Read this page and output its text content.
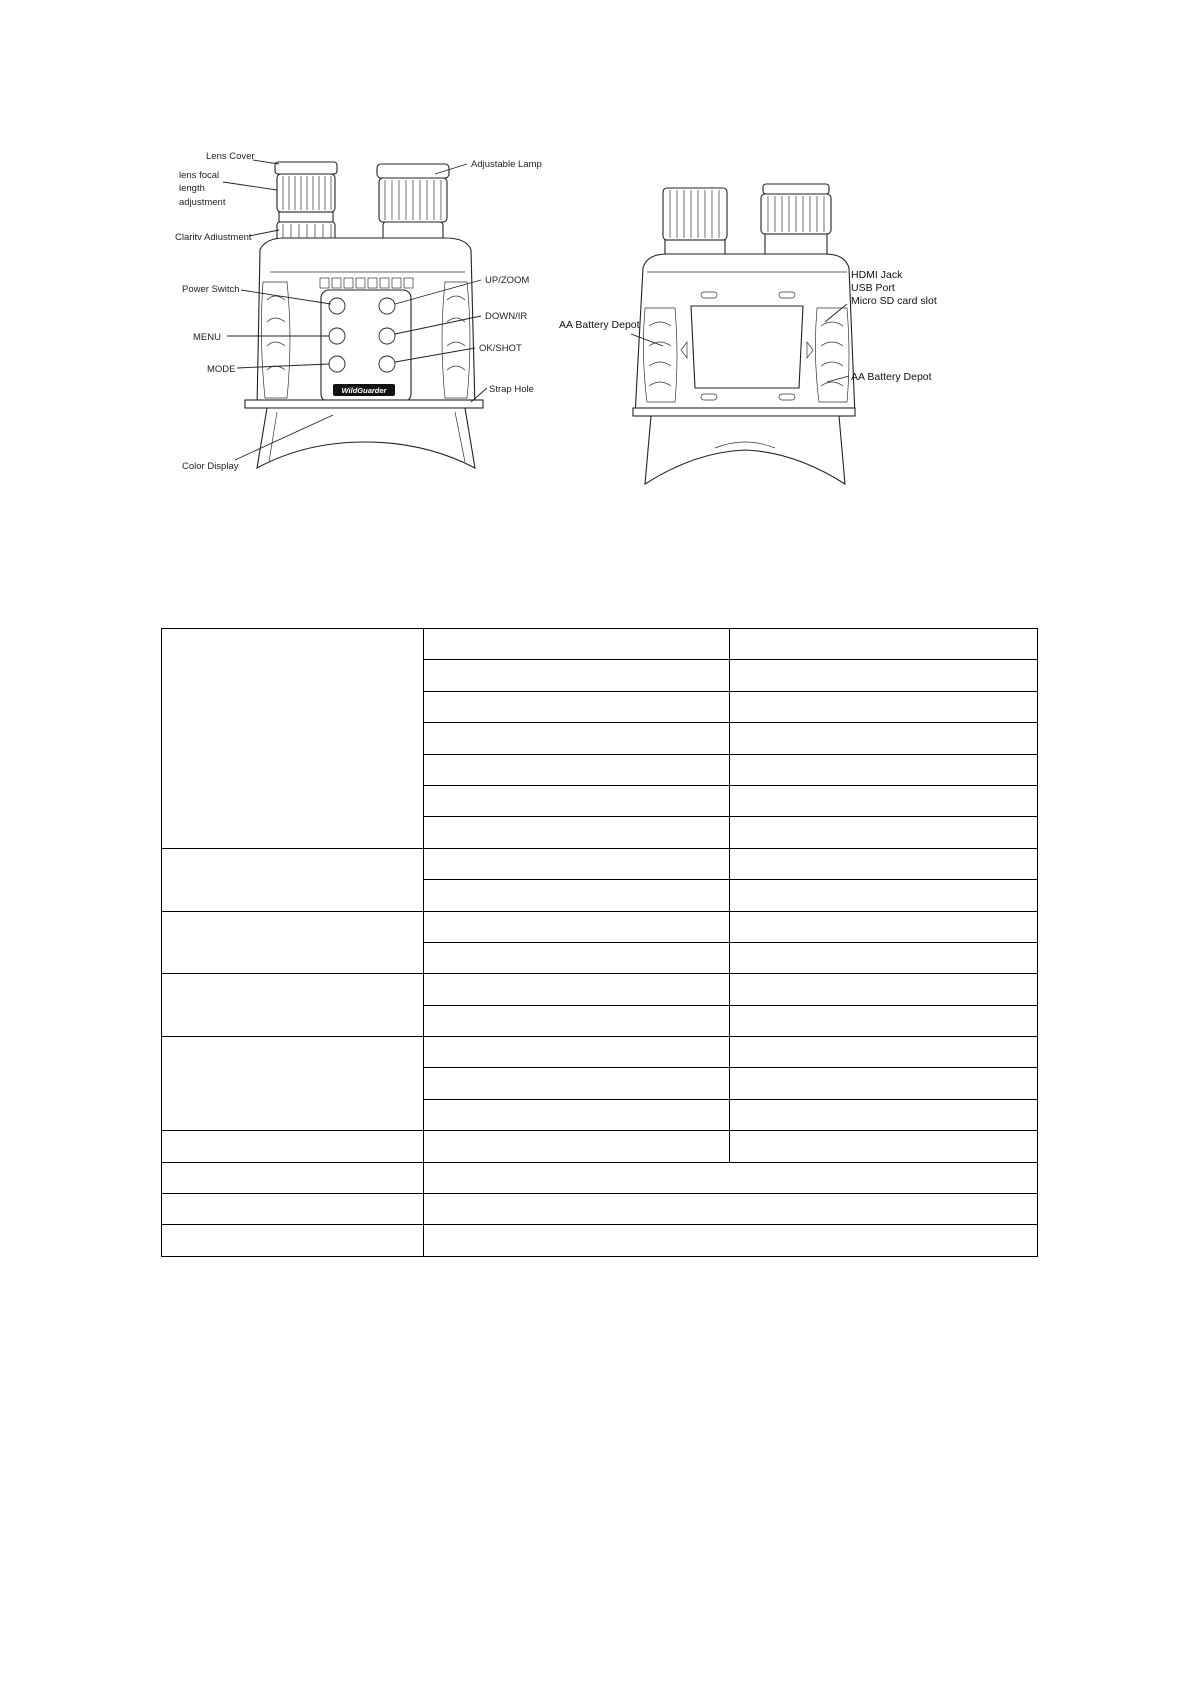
WildGuarder
Lens Cover
lens focal
length
adjustment
Claritv Adiustment
Power Switch
MENU
MODE
Color Display
Adjustable Lamp
UP/ZOOM
DOWN/IR
OK/SHOT
Strap Hole
HDMI Jack
USB Port
Micro SD card slot
AA Battery Depot
AA Battery Depot
